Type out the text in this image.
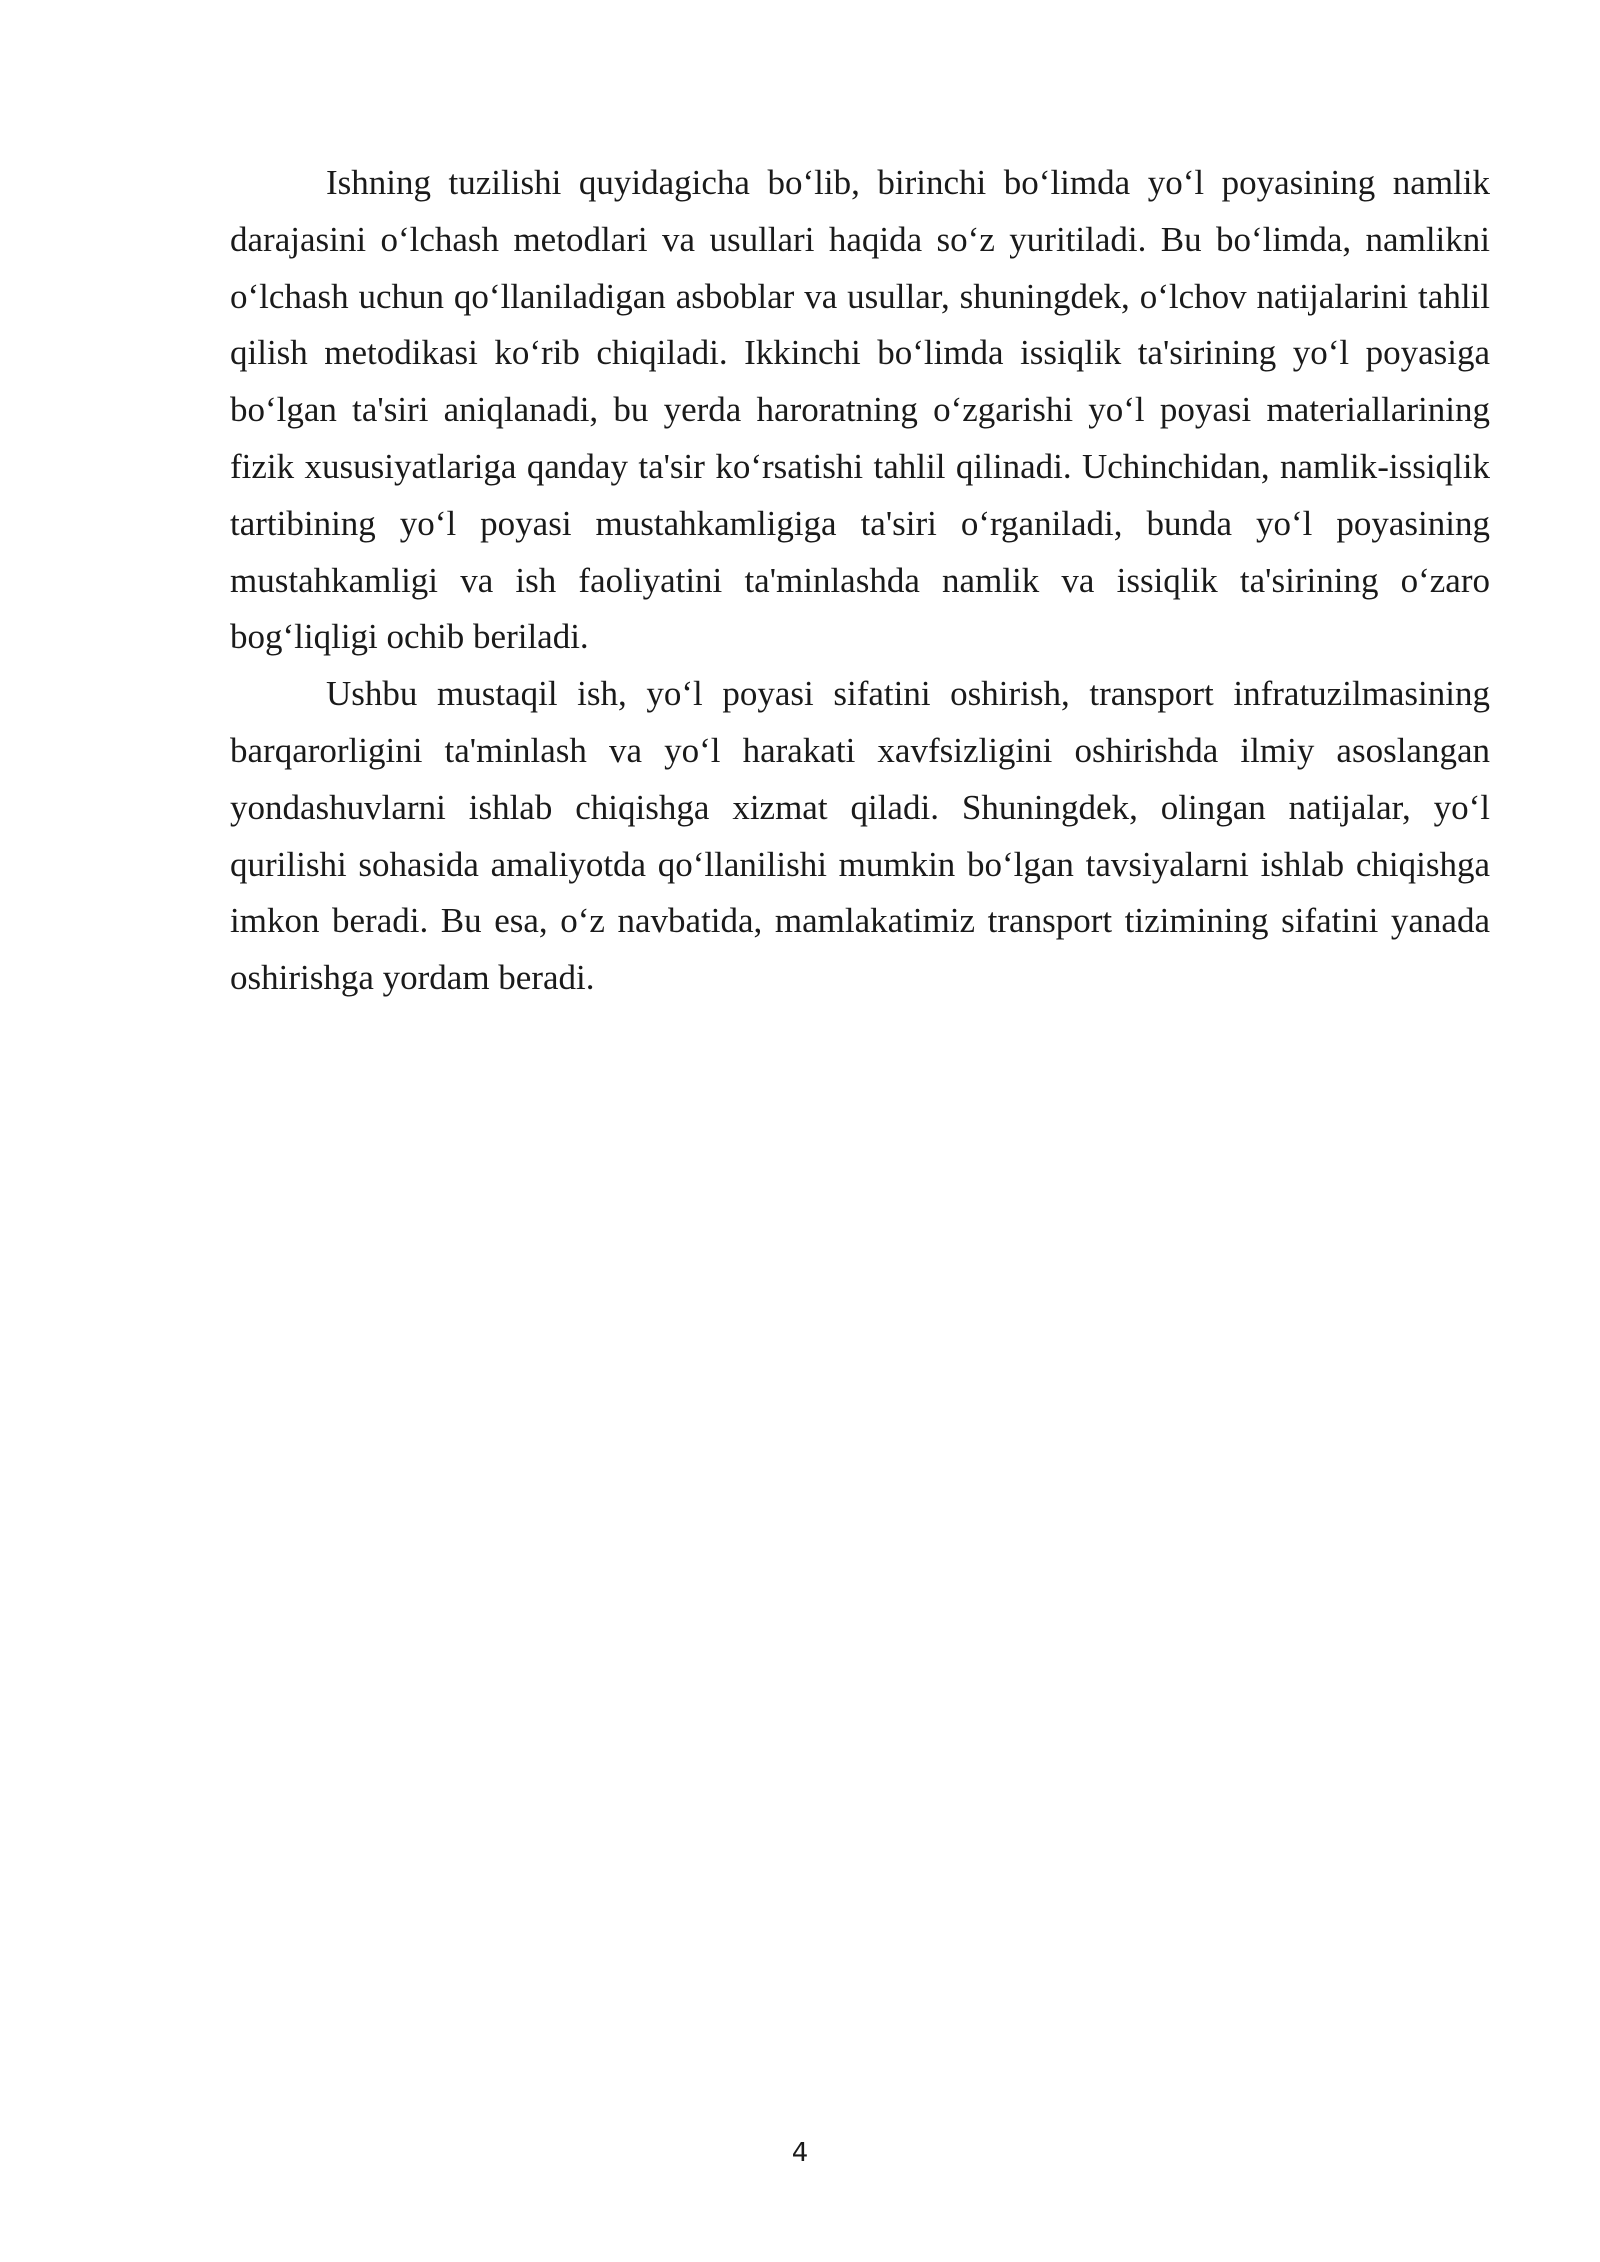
Ishning tuzilishi quyidagicha bo‘lib, birinchi bo‘limda yo‘l poyasining namlik darajasini o‘lchash metodlari va usullari haqida so‘z yuritiladi. Bu bo‘limda, namlikni o‘lchash uchun qo‘llaniladigan asboblar va usullar, shuningdek, o‘lchov natijalarini tahlil qilish metodikasi ko‘rib chiqiladi. Ikkinchi bo‘limda issiqlik ta'sirining yo‘l poyasiga bo‘lgan ta'siri aniqlanadi, bu yerda haroratning o‘zgarishi yo‘l poyasi materiallarining fizik xususiyatlariga qanday ta'sir ko‘rsatishi tahlil qilinadi. Uchinchidan, namlik-issiqlik tartibining yo‘l poyasi mustahkamligiga ta'siri o‘rganiladi, bunda yo‘l poyasining mustahkamligi va ish faoliyatini ta'minlashda namlik va issiqlik ta'sirining o‘zaro bog‘liqligi ochib beriladi.

Ushbu mustaqil ish, yo‘l poyasi sifatini oshirish, transport infratuzilmasining barqarorligini ta'minlash va yo‘l harakati xavfsizligini oshirishda ilmiy asoslangan yondashuvlarni ishlab chiqishga xizmat qiladi. Shuningdek, olingan natijalar, yo‘l qurilishi sohasida amaliyotda qo‘llanilishi mumkin bo‘lgan tavsiyalarni ishlab chiqishga imkon beradi. Bu esa, o‘z navbatida, mamlakatimiz transport tizimining sifatini yanada oshirishga yordam beradi.

4
